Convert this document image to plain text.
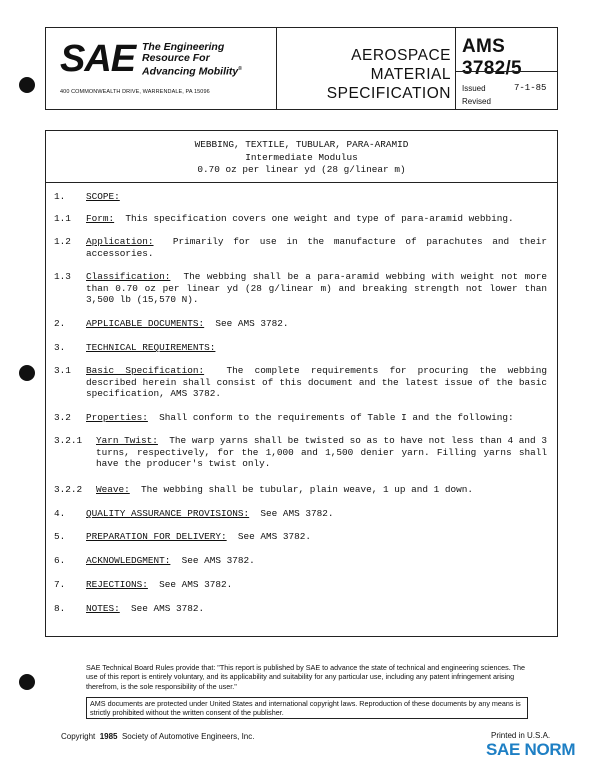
SAE The Engineering
Resource For
Advancing Mobility®
400 COMMONWEALTH DRIVE, WARRENDALE, PA 15096
AEROSPACE
MATERIAL
SPECIFICATION
AMS 3782/5
Issued	7-1-85
Revised
WEBBING, TEXTILE, TUBULAR, PARA-ARAMID
Intermediate Modulus
0.70 oz per linear yd (28 g/linear m)
1. SCOPE:
1.1 Form: This specification covers one weight and type of para-aramid webbing.
1.2 Application: Primarily for use in the manufacture of parachutes and their accessories.
1.3 Classification: The webbing shall be a para-aramid webbing with weight not more than 0.70 oz per linear yd (28 g/linear m) and breaking strength not lower than 3,500 lb (15,570 N).
2. APPLICABLE DOCUMENTS: See AMS 3782.
3. TECHNICAL REQUIREMENTS:
3.1 Basic Specification: The complete requirements for procuring the webbing described herein shall consist of this document and the latest issue of the basic specification, AMS 3782.
3.2 Properties: Shall conform to the requirements of Table I and the following:
3.2.1 Yarn Twist: The warp yarns shall be twisted so as to have not less than 4 and 3 turns, respectively, for the 1,000 and 1,500 denier yarn. Filling yarns shall have the producer's twist only.
3.2.2 Weave: The webbing shall be tubular, plain weave, 1 up and 1 down.
4. QUALITY ASSURANCE PROVISIONS: See AMS 3782.
5. PREPARATION FOR DELIVERY: See AMS 3782.
6. ACKNOWLEDGMENT: See AMS 3782.
7. REJECTIONS: See AMS 3782.
8. NOTES: See AMS 3782.
SAE Technical Board Rules provide that: "This report is published by SAE to advance the state of technical and engineering sciences. The use of this report is entirely voluntary, and its applicability and suitability for any particular use, including any patent infringement arising therefrom, is the sole responsibility of the user."
AMS documents are protected under United States and international copyright laws. Reproduction of these documents by any means is strictly prohibited without the written consent of the publisher.
Copyright 1985 Society of Automotive Engineers, Inc.	Printed in U.S.A.
SAE NORM
